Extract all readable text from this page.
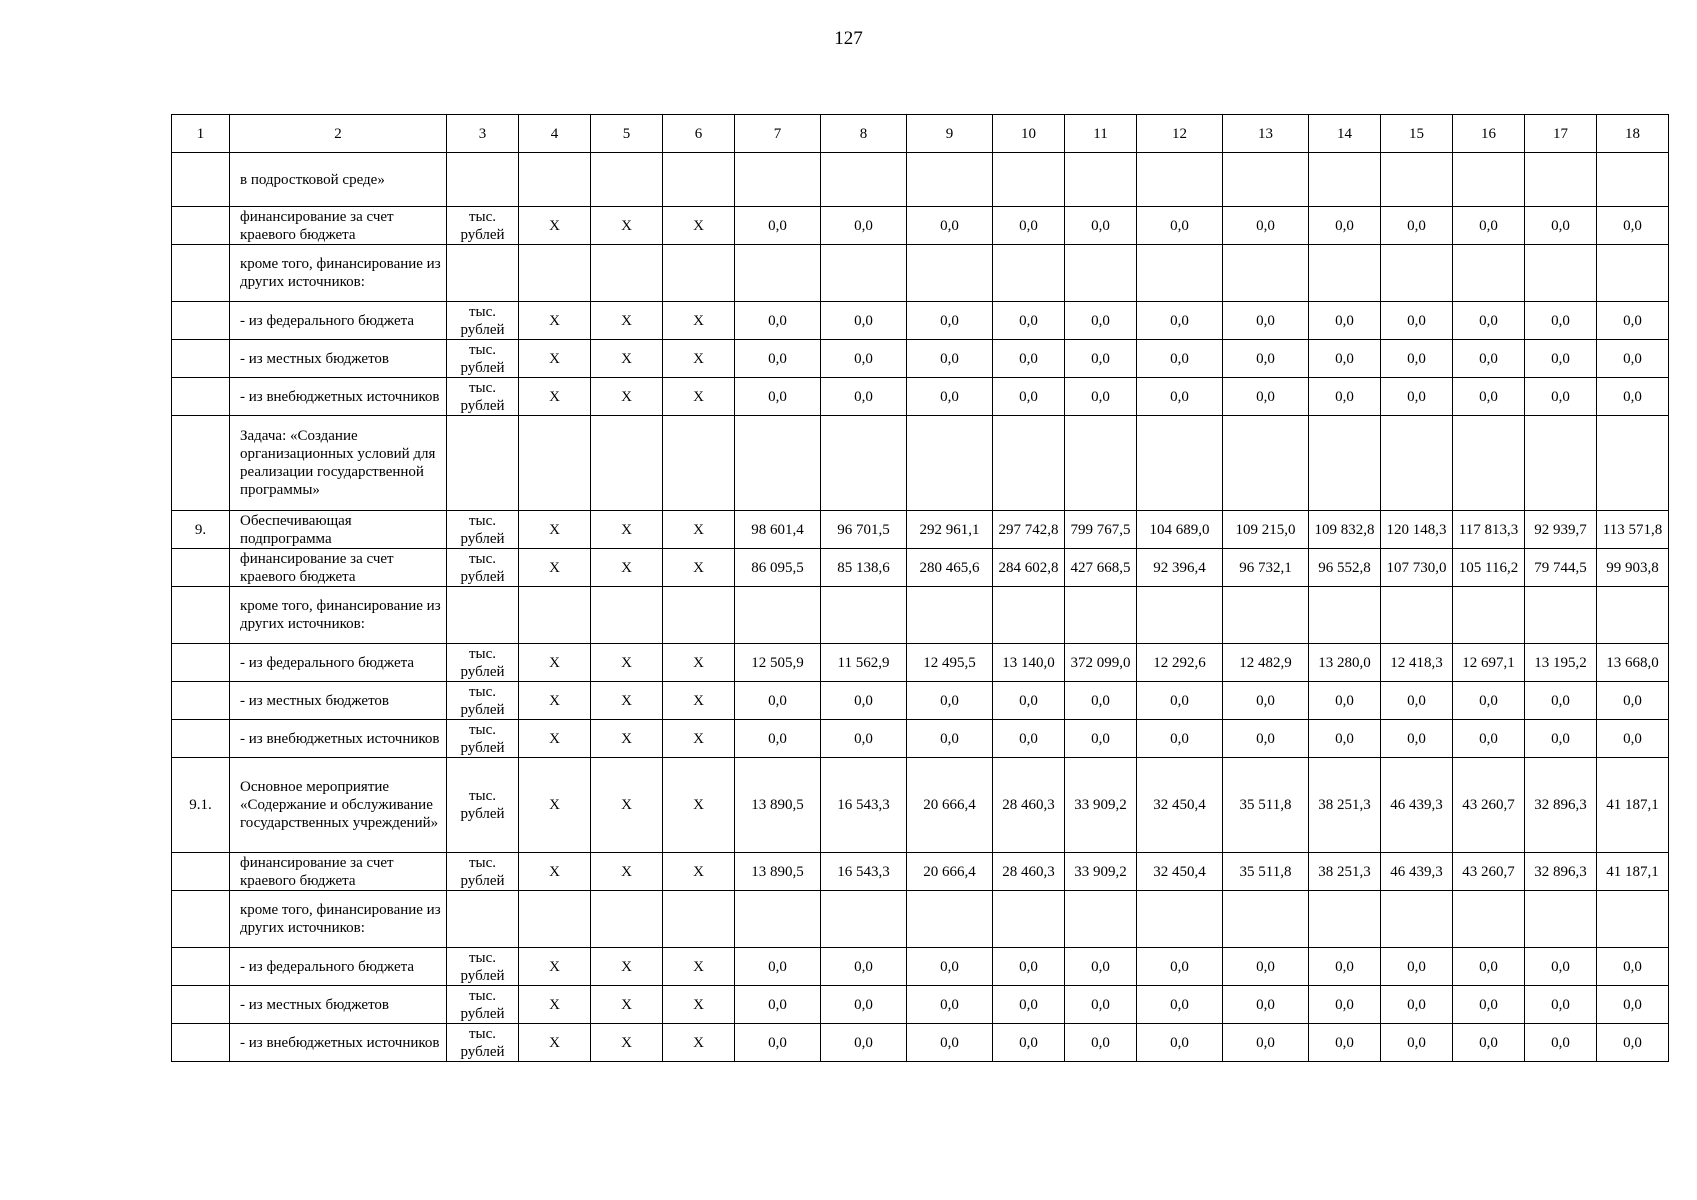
127
1	2	3	4	5	6	7	8	9	10	11	12	13	14	15	16	17	18
	в подростковой среде»																
	финансирование за счет краевого бюджета	тыс. рублей	Х	Х	Х	0,0	0,0	0,0	0,0	0,0	0,0	0,0	0,0	0,0	0,0	0,0	0,0
	кроме того, финансирование из других источников:																
	- из федерального бюджета	тыс. рублей	Х	Х	Х	0,0	0,0	0,0	0,0	0,0	0,0	0,0	0,0	0,0	0,0	0,0	0,0
	- из местных бюджетов	тыс. рублей	Х	Х	Х	0,0	0,0	0,0	0,0	0,0	0,0	0,0	0,0	0,0	0,0	0,0	0,0
	- из внебюджетных источников	тыс. рублей	Х	Х	Х	0,0	0,0	0,0	0,0	0,0	0,0	0,0	0,0	0,0	0,0	0,0	0,0
	Задача: «Создание организационных условий для реализации государственной программы»																
9.	Обеспечивающая подпрограмма	тыс. рублей	Х	Х	Х	98 601,4	96 701,5	292 961,1	297 742,8	799 767,5	104 689,0	109 215,0	109 832,8	120 148,3	117 813,3	92 939,7	113 571,8
	финансирование за счет краевого бюджета	тыс. рублей	Х	Х	Х	86 095,5	85 138,6	280 465,6	284 602,8	427 668,5	92 396,4	96 732,1	96 552,8	107 730,0	105 116,2	79 744,5	99 903,8
	кроме того, финансирование из других источников:																
	- из федерального бюджета	тыс. рублей	Х	Х	Х	12 505,9	11 562,9	12 495,5	13 140,0	372 099,0	12 292,6	12 482,9	13 280,0	12 418,3	12 697,1	13 195,2	13 668,0
	- из местных бюджетов	тыс. рублей	Х	Х	Х	0,0	0,0	0,0	0,0	0,0	0,0	0,0	0,0	0,0	0,0	0,0	0,0
	- из внебюджетных источников	тыс. рублей	Х	Х	Х	0,0	0,0	0,0	0,0	0,0	0,0	0,0	0,0	0,0	0,0	0,0	0,0
9.1.	Основное мероприятие «Содержание и обслуживание государственных учреждений»	тыс. рублей	Х	Х	Х	13 890,5	16 543,3	20 666,4	28 460,3	33 909,2	32 450,4	35 511,8	38 251,3	46 439,3	43 260,7	32 896,3	41 187,1
	финансирование за счет краевого бюджета	тыс. рублей	Х	Х	Х	13 890,5	16 543,3	20 666,4	28 460,3	33 909,2	32 450,4	35 511,8	38 251,3	46 439,3	43 260,7	32 896,3	41 187,1
	кроме того, финансирование из других источников:																
	- из федерального бюджета	тыс. рублей	Х	Х	Х	0,0	0,0	0,0	0,0	0,0	0,0	0,0	0,0	0,0	0,0	0,0	0,0
	- из местных бюджетов	тыс. рублей	Х	Х	Х	0,0	0,0	0,0	0,0	0,0	0,0	0,0	0,0	0,0	0,0	0,0	0,0
	- из внебюджетных источников	тыс. рублей	Х	Х	Х	0,0	0,0	0,0	0,0	0,0	0,0	0,0	0,0	0,0	0,0	0,0	0,0
